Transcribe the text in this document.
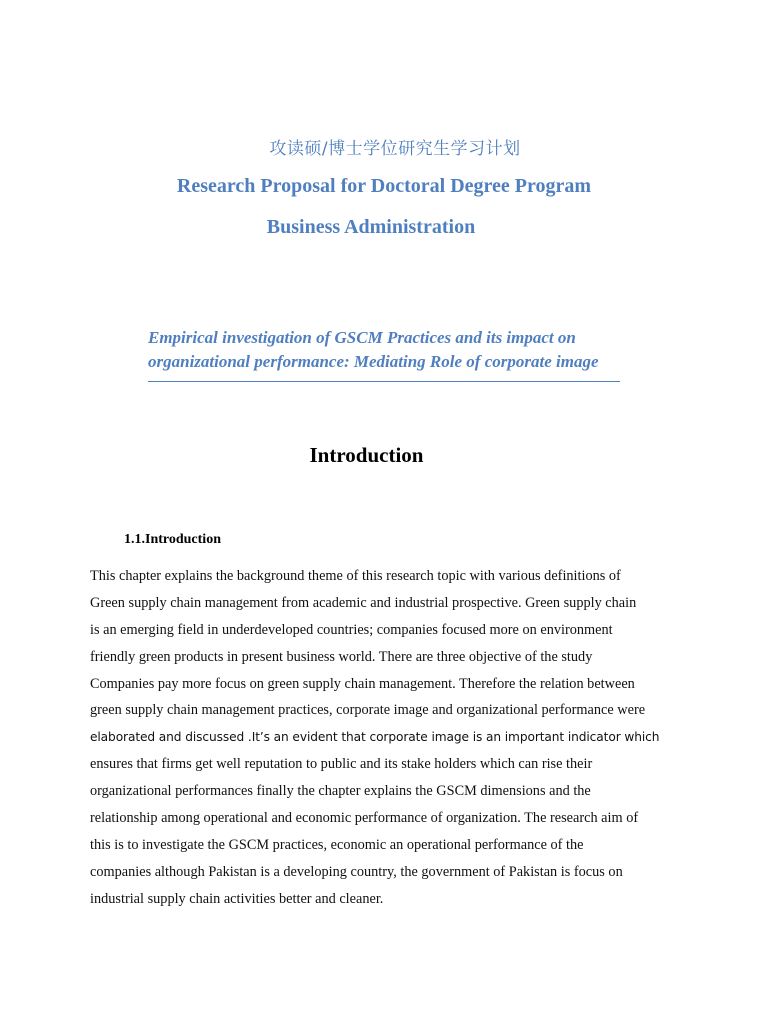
攻读硕/博士学位研究生学习计划
Research Proposal for Doctoral Degree Program
Business Administration
Empirical investigation of GSCM Practices and its impact on
organizational performance: Mediating Role of corporate image
Introduction
1.1.Introduction
This chapter explains the background theme of this research topic with various definitions of
Green supply chain management from academic and industrial prospective. Green supply chain
is an emerging field in underdeveloped countries; companies focused more on environment
friendly green products in present business world. There are three objective of the study
Companies pay more focus on green supply chain management. Therefore the relation between
green supply chain management practices, corporate image and organizational performance were
elaborated and discussed .It’s an evident that corporate image is an important indicator which
ensures that firms get well reputation to public and its stake holders which can rise their
organizational performances finally the chapter explains the GSCM dimensions and the
relationship among operational and economic performance of organization. The research aim of
this is to investigate the GSCM practices, economic an operational performance of the
companies although Pakistan is a developing country, the government of Pakistan is focus on
industrial supply chain activities better and cleaner.
